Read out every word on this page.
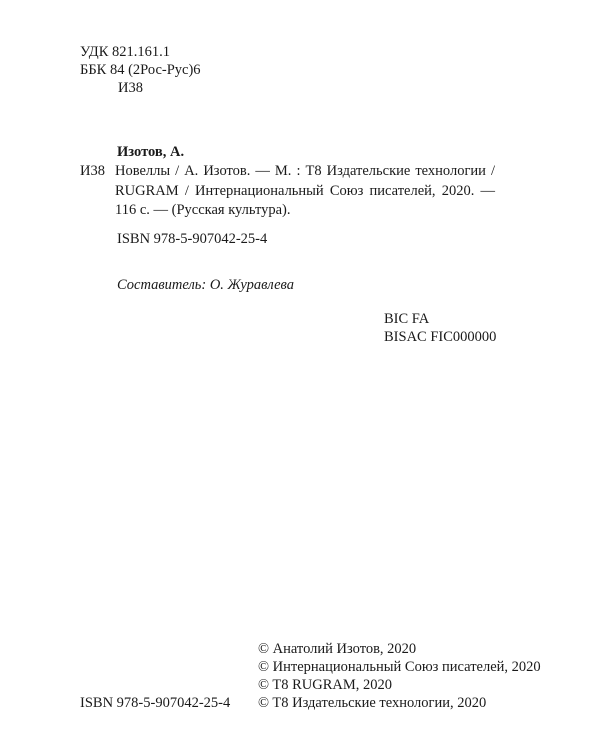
УДК 821.161.1
ББК 84 (2Рос-Рус)6
И38
Изотов, А.
И38 Новеллы / А. Изотов. — М. : T8 Издательские технологии / RUGRAM / Интернациональный Союз писателей, 2020. — 116 с. — (Русская культура).
ISBN 978-5-907042-25-4
Составитель: О. Журавлева
BIC FA
BISAC FIC000000
© Анатолий Изотов, 2020
© Интернациональный Союз писателей, 2020
© T8 RUGRAM, 2020
© T8 Издательские технологии, 2020
ISBN 978-5-907042-25-4
